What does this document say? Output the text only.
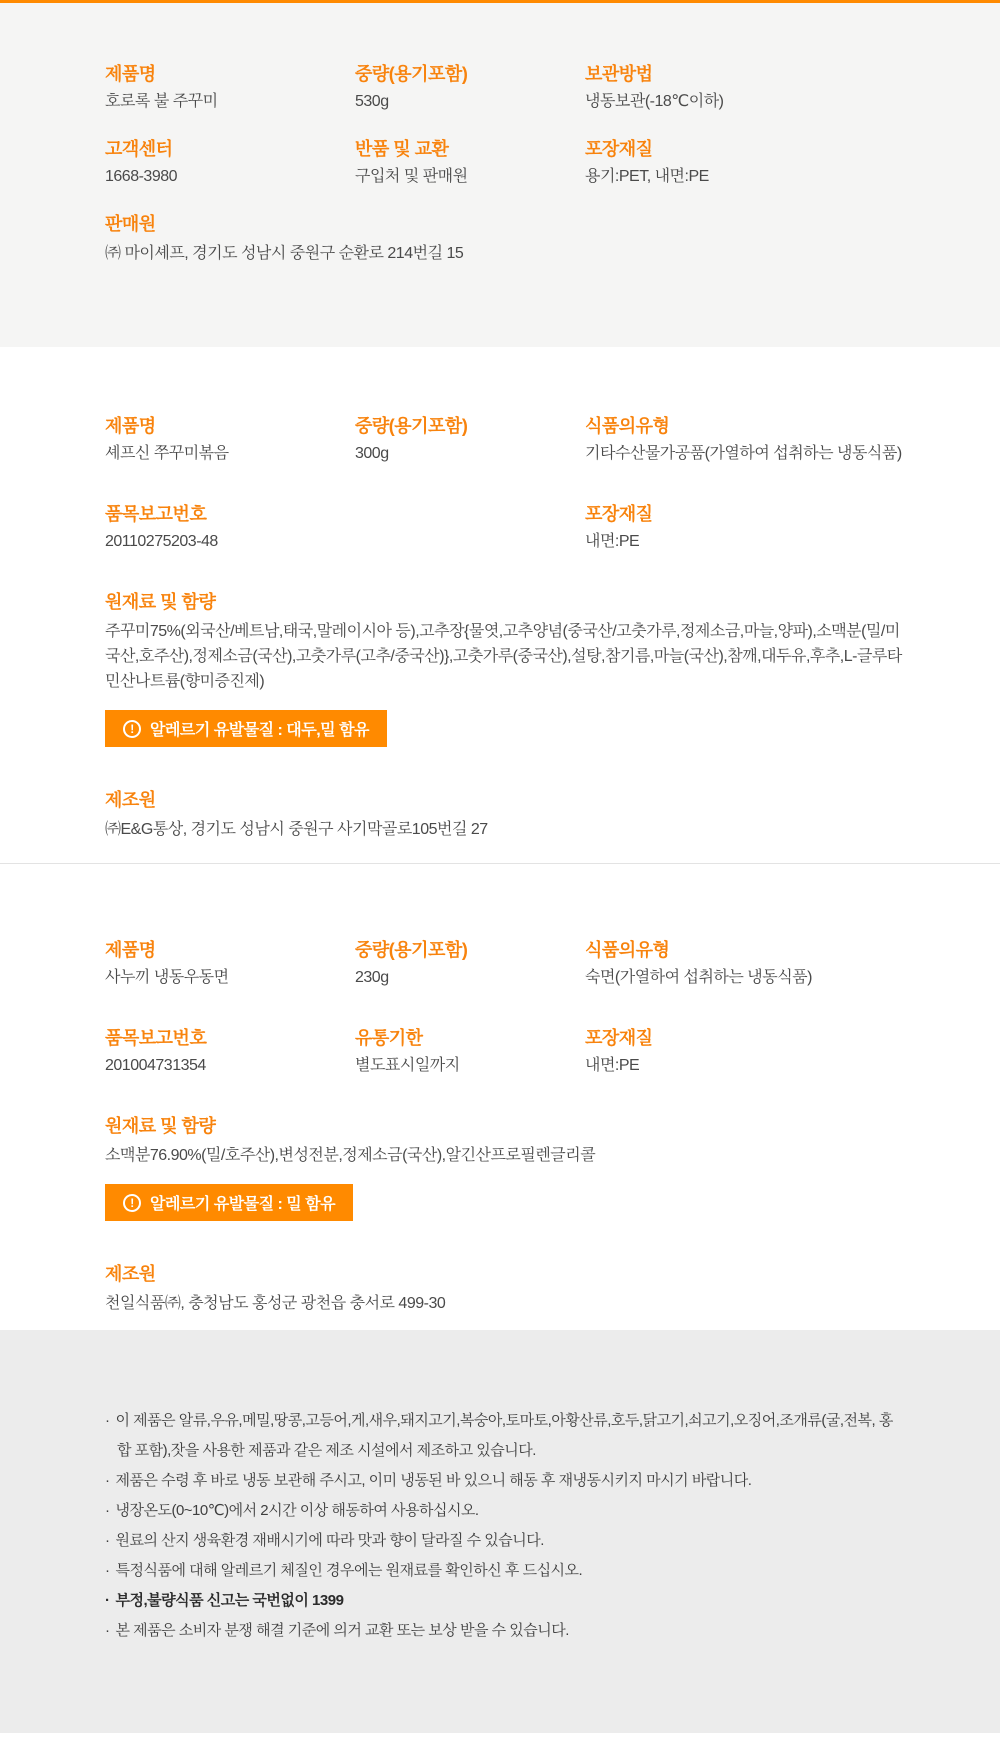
제품명
호로록 불 주꾸미
중량(용기포함)
530g
보관방법
냉동보관(-18℃이하)
고객센터
1668-3980
반품 및 교환
구입처 및 판매원
포장재질
용기:PET, 내면:PE
판매원
㈜ 마이셰프, 경기도 성남시 중원구 순환로 214번길 15
제품명
셰프신 쭈꾸미볶음
중량(용기포함)
300g
식품의유형
기타수산물가공품(가열하여 섭취하는 냉동식품)
품목보고번호
20110275203-48
포장재질
내면:PE
원재료 및 함량
주꾸미75%(외국산/베트남,태국,말레이시아 등),고추장{물엿,고추양념(중국산/고춧가루,정제소금,마늘,양파),소맥분(밀/미국산,호주산),정제소금(국산),고춧가루(고추/중국산)},고춧가루(중국산),설탕,참기름,마늘(국산),참깨,대두유,후추,L-글루타민산나트륨(향미증진제)
!	알레르기 유발물질 : 대두,밀 함유
제조원
㈜E&G통상, 경기도 성남시 중원구 사기막골로105번길 27
제품명
사누끼 냉동우동면
중량(용기포함)
230g
식품의유형
숙면(가열하여 섭취하는 냉동식품)
품목보고번호
201004731354
유통기한
별도표시일까지
포장재질
내면:PE
원재료 및 함량
소맥분76.90%(밀/호주산),변성전분,정제소금(국산),알긴산프로필렌글리콜
!	알레르기 유발물질 : 밀 함유
제조원
천일식품㈜, 충청남도 홍성군 광천읍 충서로 499-30
· 이 제품은 알류,우유,메밀,땅콩,고등어,게,새우,돼지고기,복숭아,토마토,아황산류,호두,닭고기,쇠고기,오징어,조개류(굴,전복, 홍합 포함),잣을 사용한 제품과 같은 제조 시설에서 제조하고 있습니다.
· 제품은 수령 후 바로 냉동 보관해 주시고, 이미 냉동된 바 있으니 해동 후 재냉동시키지 마시기 바랍니다.
· 냉장온도(0~10℃)에서 2시간 이상 해동하여 사용하십시오.
· 원료의 산지 생육환경 재배시기에 따라 맛과 향이 달라질 수 있습니다.
· 특정식품에 대해 알레르기 체질인 경우에는 원재료를 확인하신 후 드십시오.
· 부정,불량식품 신고는 국번없이 1399
· 본 제품은 소비자 분쟁 해결 기준에 의거 교환 또는 보상 받을 수 있습니다.
